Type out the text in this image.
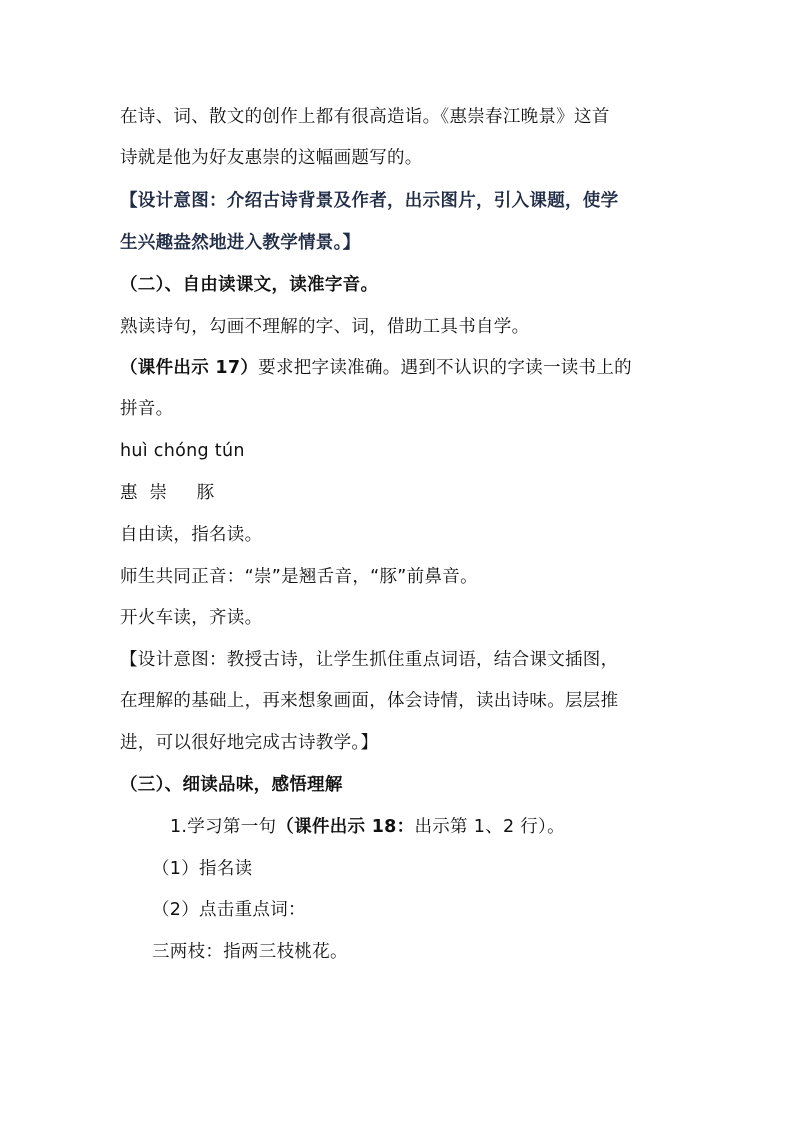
在诗、词、散文的创作上都有很高造诣。《惠崇春江晚景》这首
诗就是他为好友惠崇的这幅画题写的。
【设计意图：介绍古诗背景及作者，出示图片，引入课题，使学
生兴趣盎然地进入教学情景。】
（二）、自由读课文，读准字音。
熟读诗句，勾画不理解的字、词，借助工具书自学。
（课件出示 17）要求把字读准确。遇到不认识的字读一读书上的
拼音。
huì chóng tún
惠  崇     豚
自由读，指名读。
师生共同正音：“崇”是翘舌音，“豚”前鼻音。
开火车读，齐读。
【设计意图：教授古诗，让学生抓住重点词语，结合课文插图，
在理解的基础上，再来想象画面，体会诗情，读出诗味。层层推
进，可以很好地完成古诗教学。】
（三）、细读品味，感悟理解
1.学习第一句（课件出示 18：出示第 1、2 行）。
（1）指名读
（2）点击重点词：
三两枝：指两三枝桃花。
